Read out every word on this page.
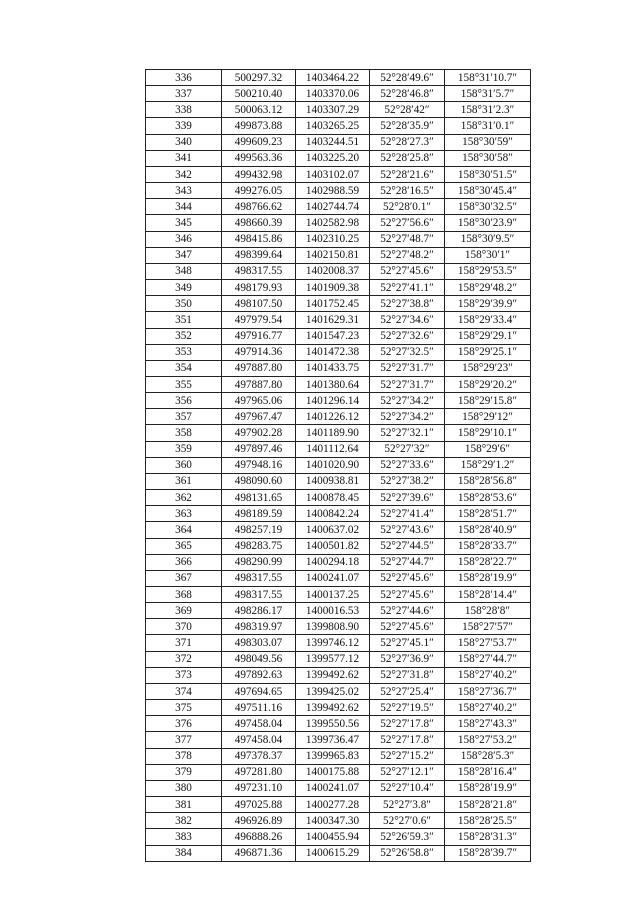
336	500297.32	1403464.22	52°28′49.6″	158°31′10.7″
337	500210.40	1403370.06	52°28′46.8″	158°31′5.7″
338	500063.12	1403307.29	52°28′42″	158°31′2.3″
339	499873.88	1403265.25	52°28′35.9″	158°31′0.1″
340	499609.23	1403244.51	52°28′27.3″	158°30′59″
341	499563.36	1403225.20	52°28′25.8″	158°30′58″
342	499432.98	1403102.07	52°28′21.6″	158°30′51.5″
343	499276.05	1402988.59	52°28′16.5″	158°30′45.4″
344	498766.62	1402744.74	52°28′0.1″	158°30′32.5″
345	498660.39	1402582.98	52°27′56.6″	158°30′23.9″
346	498415.86	1402310.25	52°27′48.7″	158°30′9.5″
347	498399.64	1402150.81	52°27′48.2″	158°30′1″
348	498317.55	1402008.37	52°27′45.6″	158°29′53.5″
349	498179.93	1401909.38	52°27′41.1″	158°29′48.2″
350	498107.50	1401752.45	52°27′38.8″	158°29′39.9″
351	497979.54	1401629.31	52°27′34.6″	158°29′33.4″
352	497916.77	1401547.23	52°27′32.6″	158°29′29.1″
353	497914.36	1401472.38	52°27′32.5″	158°29′25.1″
354	497887.80	1401433.75	52°27′31.7″	158°29′23″
355	497887.80	1401380.64	52°27′31.7″	158°29′20.2″
356	497965.06	1401296.14	52°27′34.2″	158°29′15.8″
357	497967.47	1401226.12	52°27′34.2″	158°29′12″
358	497902.28	1401189.90	52°27′32.1″	158°29′10.1″
359	497897.46	1401112.64	52°27′32″	158°29′6″
360	497948.16	1401020.90	52°27′33.6″	158°29′1.2″
361	498090.60	1400938.81	52°27′38.2″	158°28′56.8″
362	498131.65	1400878.45	52°27′39.6″	158°28′53.6″
363	498189.59	1400842.24	52°27′41.4″	158°28′51.7″
364	498257.19	1400637.02	52°27′43.6″	158°28′40.9″
365	498283.75	1400501.82	52°27′44.5″	158°28′33.7″
366	498290.99	1400294.18	52°27′44.7″	158°28′22.7″
367	498317.55	1400241.07	52°27′45.6″	158°28′19.9″
368	498317.55	1400137.25	52°27′45.6″	158°28′14.4″
369	498286.17	1400016.53	52°27′44.6″	158°28′8″
370	498319.97	1399808.90	52°27′45.6″	158°27′57″
371	498303.07	1399746.12	52°27′45.1″	158°27′53.7″
372	498049.56	1399577.12	52°27′36.9″	158°27′44.7″
373	497892.63	1399492.62	52°27′31.8″	158°27′40.2″
374	497694.65	1399425.02	52°27′25.4″	158°27′36.7″
375	497511.16	1399492.62	52°27′19.5″	158°27′40.2″
376	497458.04	1399550.56	52°27′17.8″	158°27′43.3″
377	497458.04	1399736.47	52°27′17.8″	158°27′53.2″
378	497378.37	1399965.83	52°27′15.2″	158°28′5.3″
379	497281.80	1400175.88	52°27′12.1″	158°28′16.4″
380	497231.10	1400241.07	52°27′10.4″	158°28′19.9″
381	497025.88	1400277.28	52°27′3.8″	158°28′21.8″
382	496926.89	1400347.30	52°27′0.6″	158°28′25.5″
383	496888.26	1400455.94	52°26′59.3″	158°28′31.3″
384	496871.36	1400615.29	52°26′58.8″	158°28′39.7″
